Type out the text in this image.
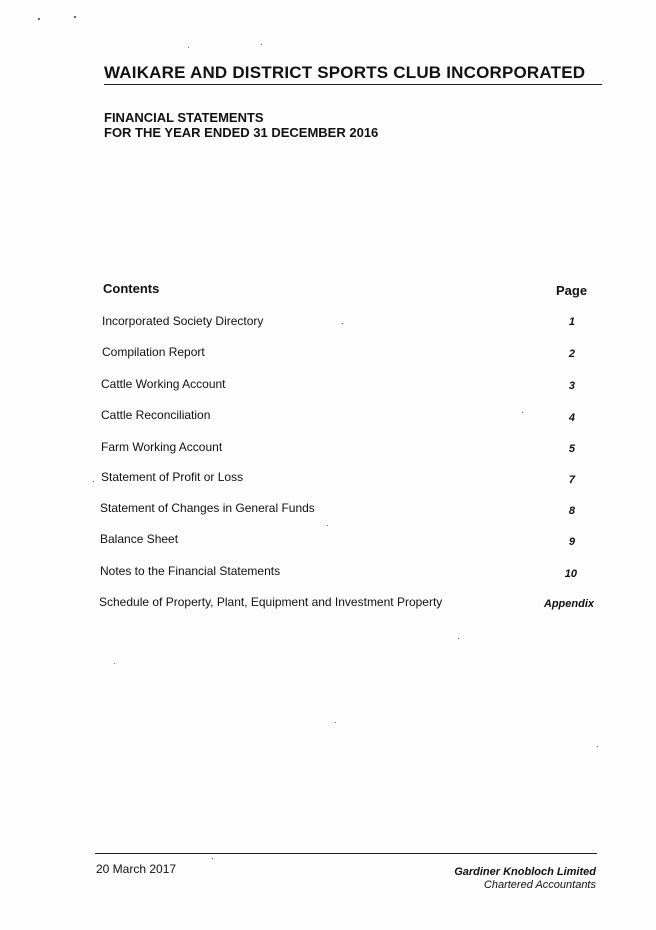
WAIKARE AND DISTRICT SPORTS CLUB INCORPORATED
FINANCIAL STATEMENTS
FOR THE YEAR ENDED 31 DECEMBER 2016
Contents	Page
Incorporated Society Directory	1
Compilation Report	2
Cattle Working Account	3
Cattle Reconciliation	4
Farm Working Account	5
Statement of Profit or Loss	7
Statement of Changes in General Funds	8
Balance Sheet	9
Notes to the Financial Statements	10
Schedule of Property, Plant, Equipment and Investment Property	Appendix
20 March 2017	Gardiner Knobloch Limited
Chartered Accountants
